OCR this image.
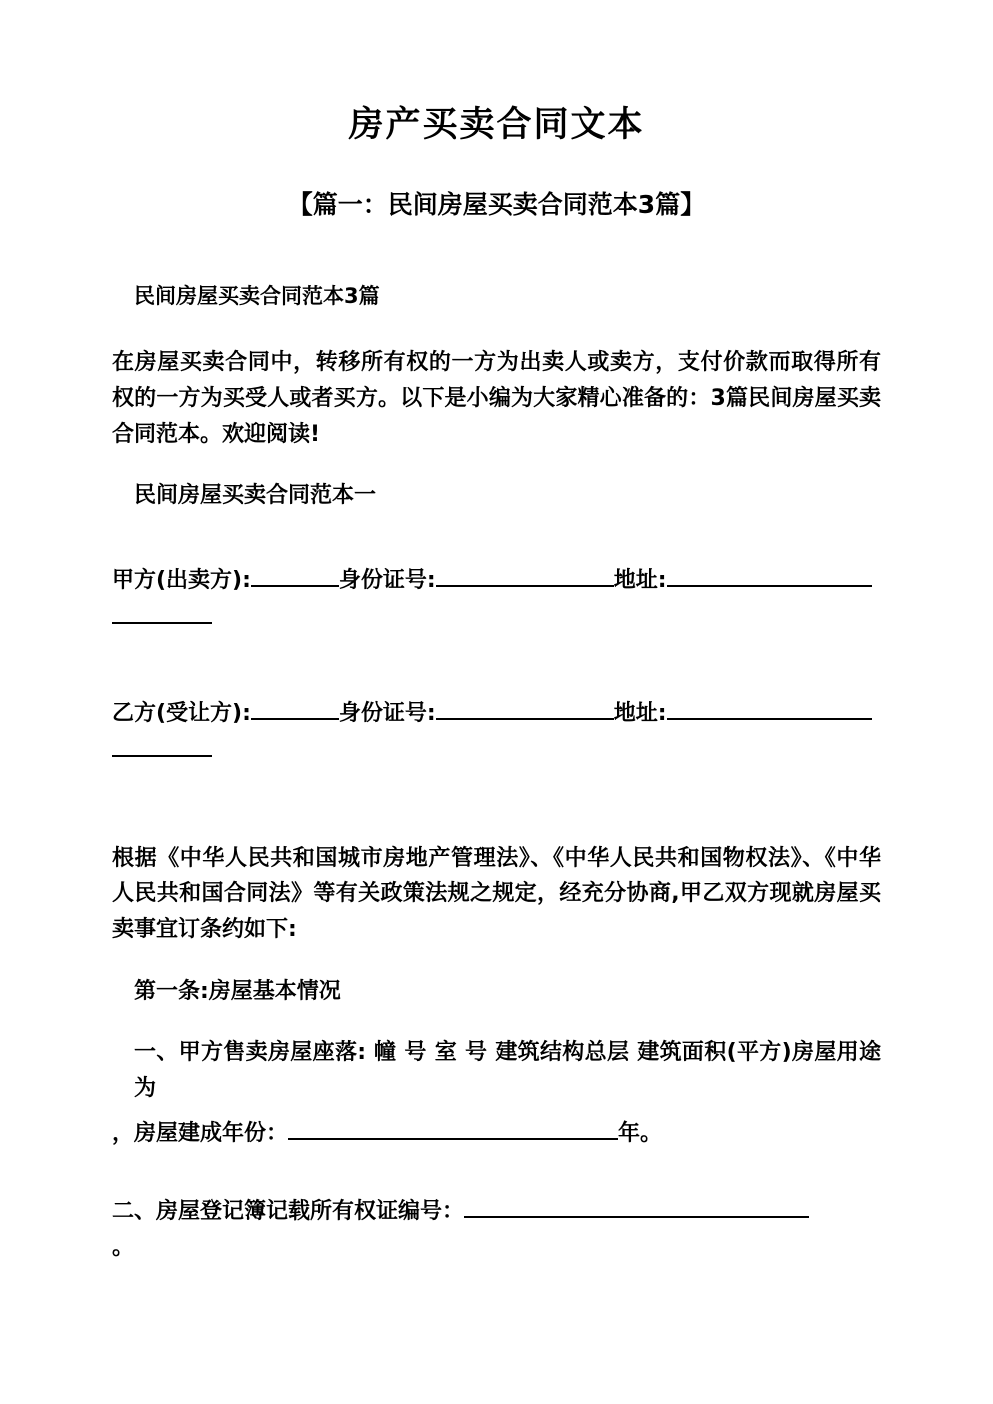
房产买卖合同文本
【篇一：民间房屋买卖合同范本3篇】
民间房屋买卖合同范本3篇

在房屋买卖合同中，转移所有权的一方为出卖人或卖方，支付价款而取得所有权的一方为买受人或者买方。以下是小编为大家精心准备的：3篇民间房屋买卖合同范本。欢迎阅读!

民间房屋买卖合同范本一

甲方(出卖方):	身份证号:	地址:

乙方(受让方):	身份证号:	地址:

根据《中华人民共和国城市房地产管理法》、《中华人民共和国物权法》、《中华人民共和国合同法》等有关政策法规之规定，经充分协商,甲乙双方现就房屋买卖事宜订条约如下:

第一条:房屋基本情况

一、甲方售卖房屋座落: 幢 号 室 号 建筑结构总层 建筑面积(平方)房屋用途为

，房屋建成年份：	年。

二、房屋登记簿记载所有权证编号：
。
